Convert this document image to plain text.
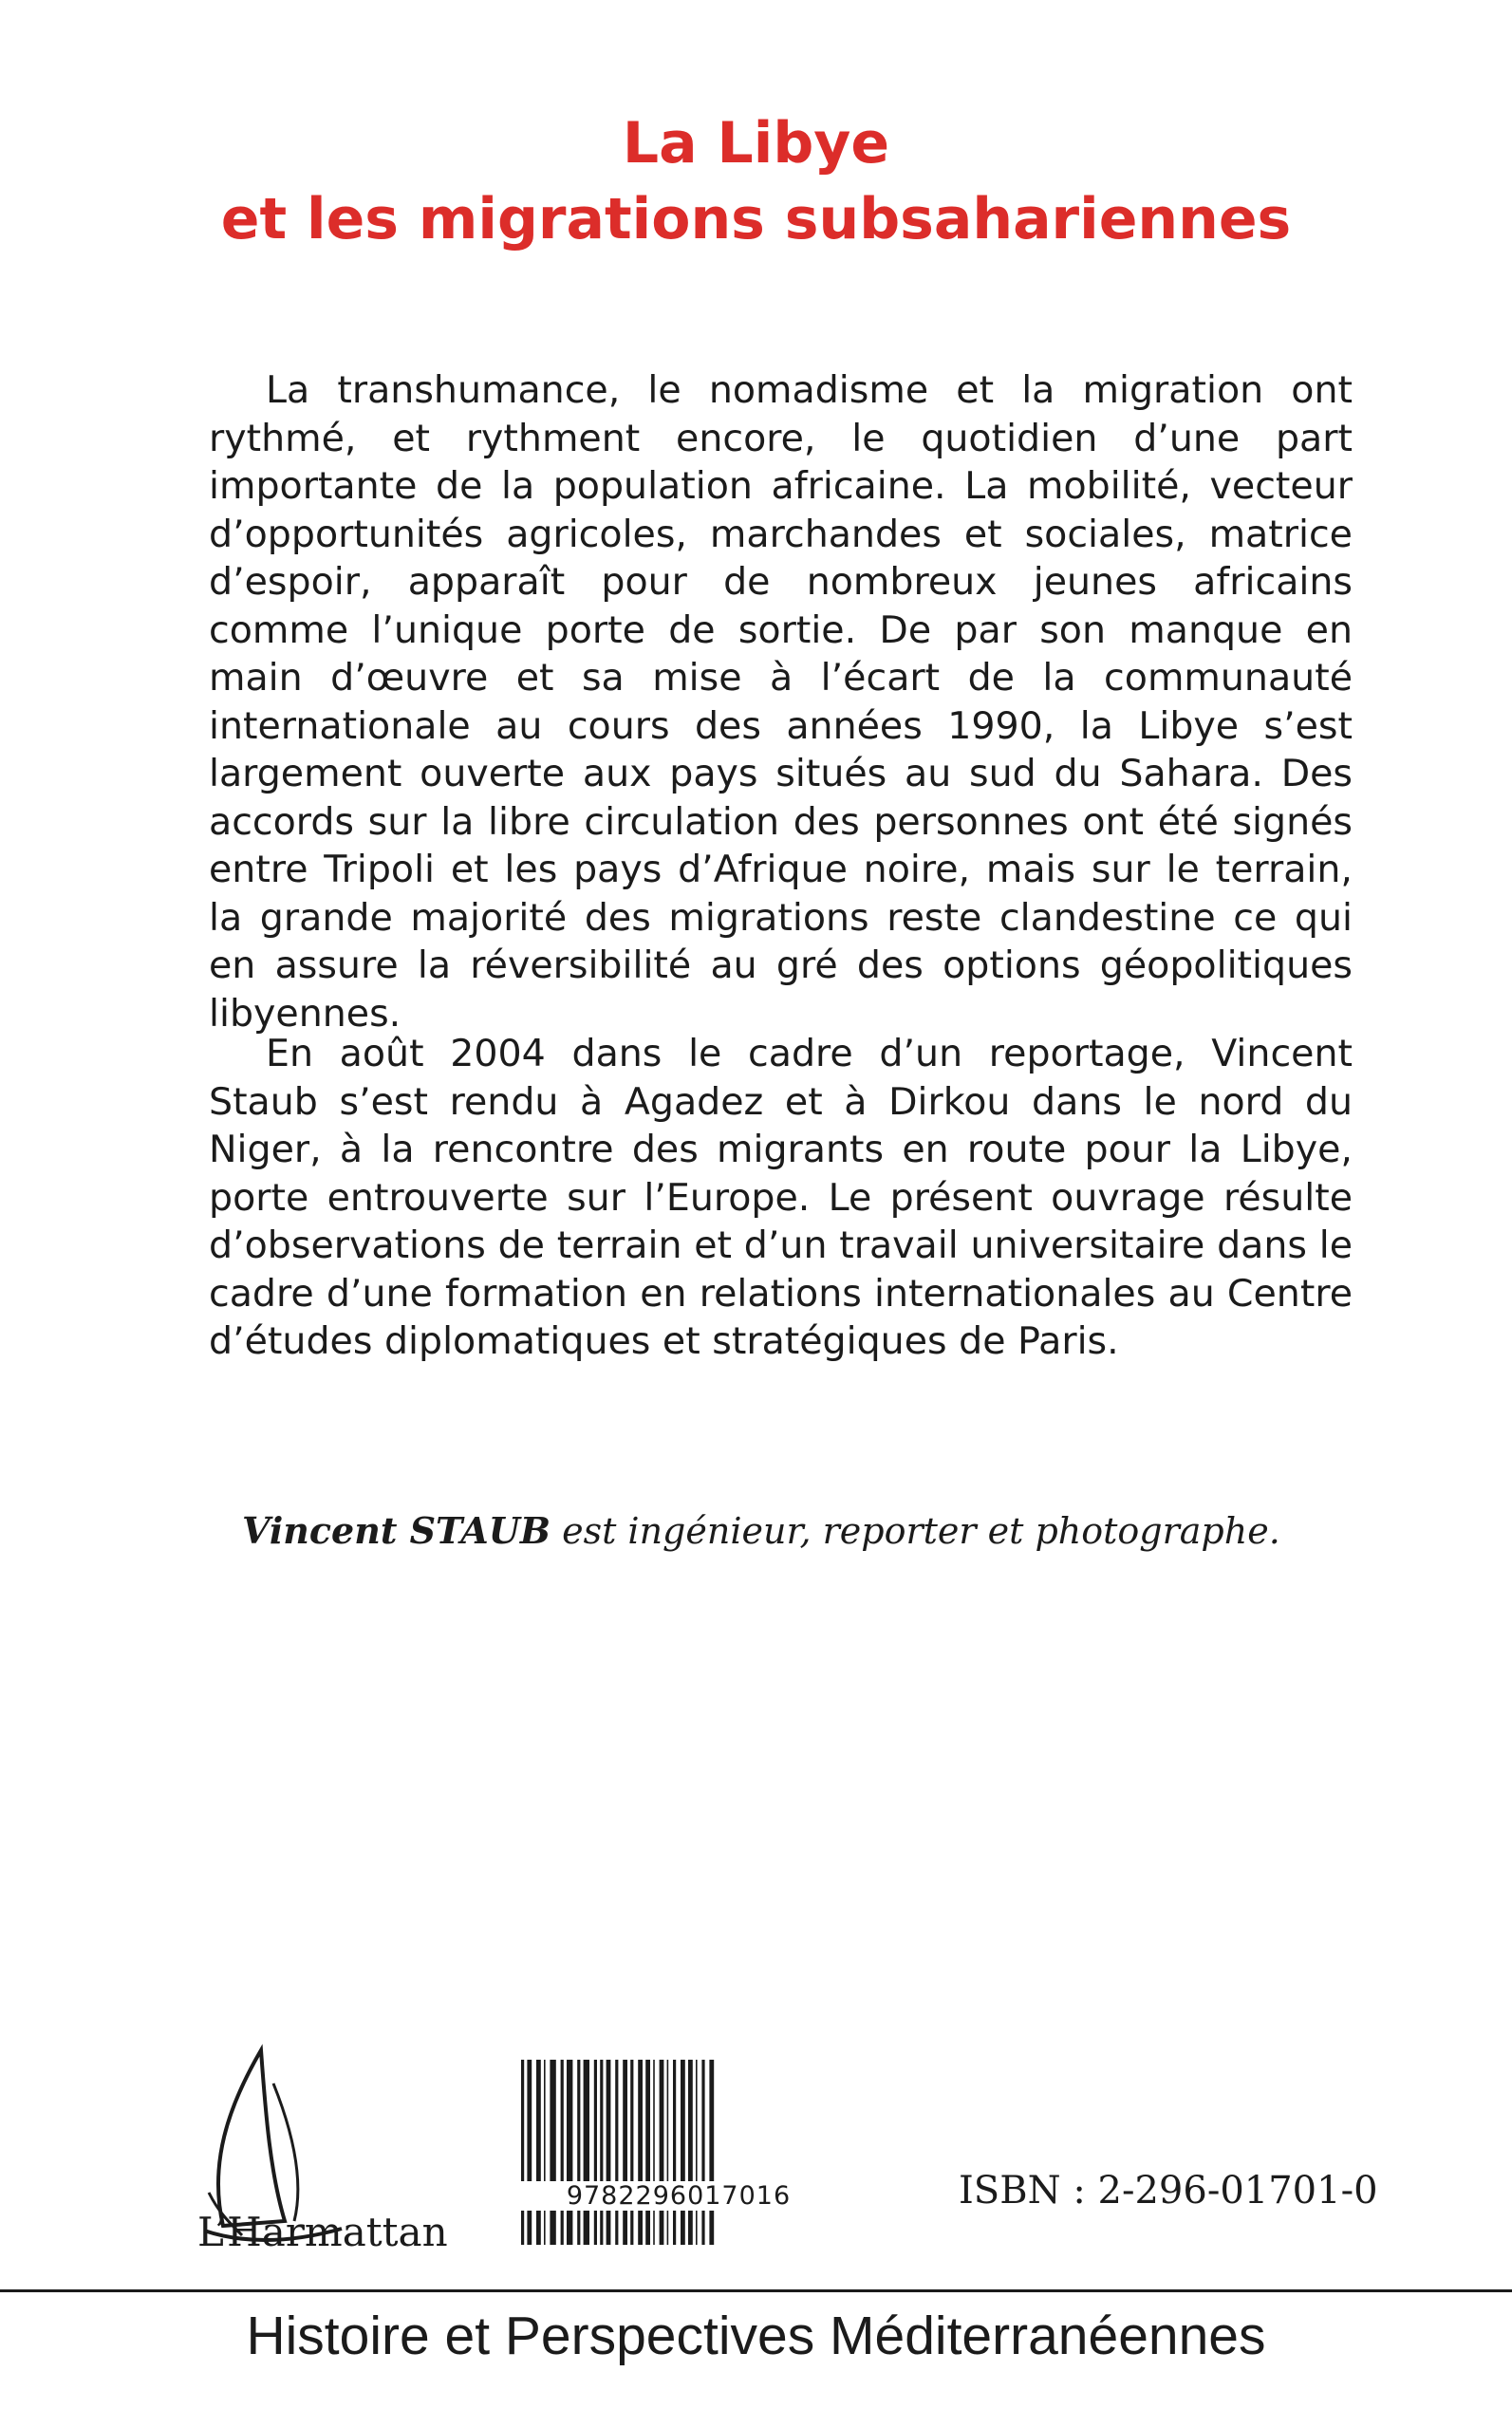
La Libye
et les migrations subsahariennes

La transhumance, le nomadisme et la migration ont rythmé, et rythment encore, le quotidien d’une part importante de la population africaine. La mobilité, vecteur d’opportunités agricoles, marchandes et sociales, matrice d’espoir, apparaît pour de nombreux jeunes africains comme l’unique porte de sortie. De par son manque en main d’œuvre et sa mise à l’écart de la communauté internationale au cours des années 1990, la Libye s’est largement ouverte aux pays situés au sud du Sahara. Des accords sur la libre circulation des personnes ont été signés entre Tripoli et les pays d’Afrique noire, mais sur le terrain, la grande majorité des migrations reste clandestine ce qui en assure la réversibilité au gré des options géopolitiques libyennes.

En août 2004 dans le cadre d’un reportage, Vincent Staub s’est rendu à Agadez et à Dirkou dans le nord du Niger, à la rencontre des migrants en route pour la Libye, porte entrouverte sur l’Europe. Le présent ouvrage résulte d’observations de terrain et d’un travail universitaire dans le cadre d’une formation en relations internationales au Centre d’études diplomatiques et stratégiques de Paris.

Vincent STAUB est ingénieur, reporter et photographe.

L’Harmattan

9782296017016	ISBN : 2-296-01701-0

Histoire et Perspectives Méditerranéennes
